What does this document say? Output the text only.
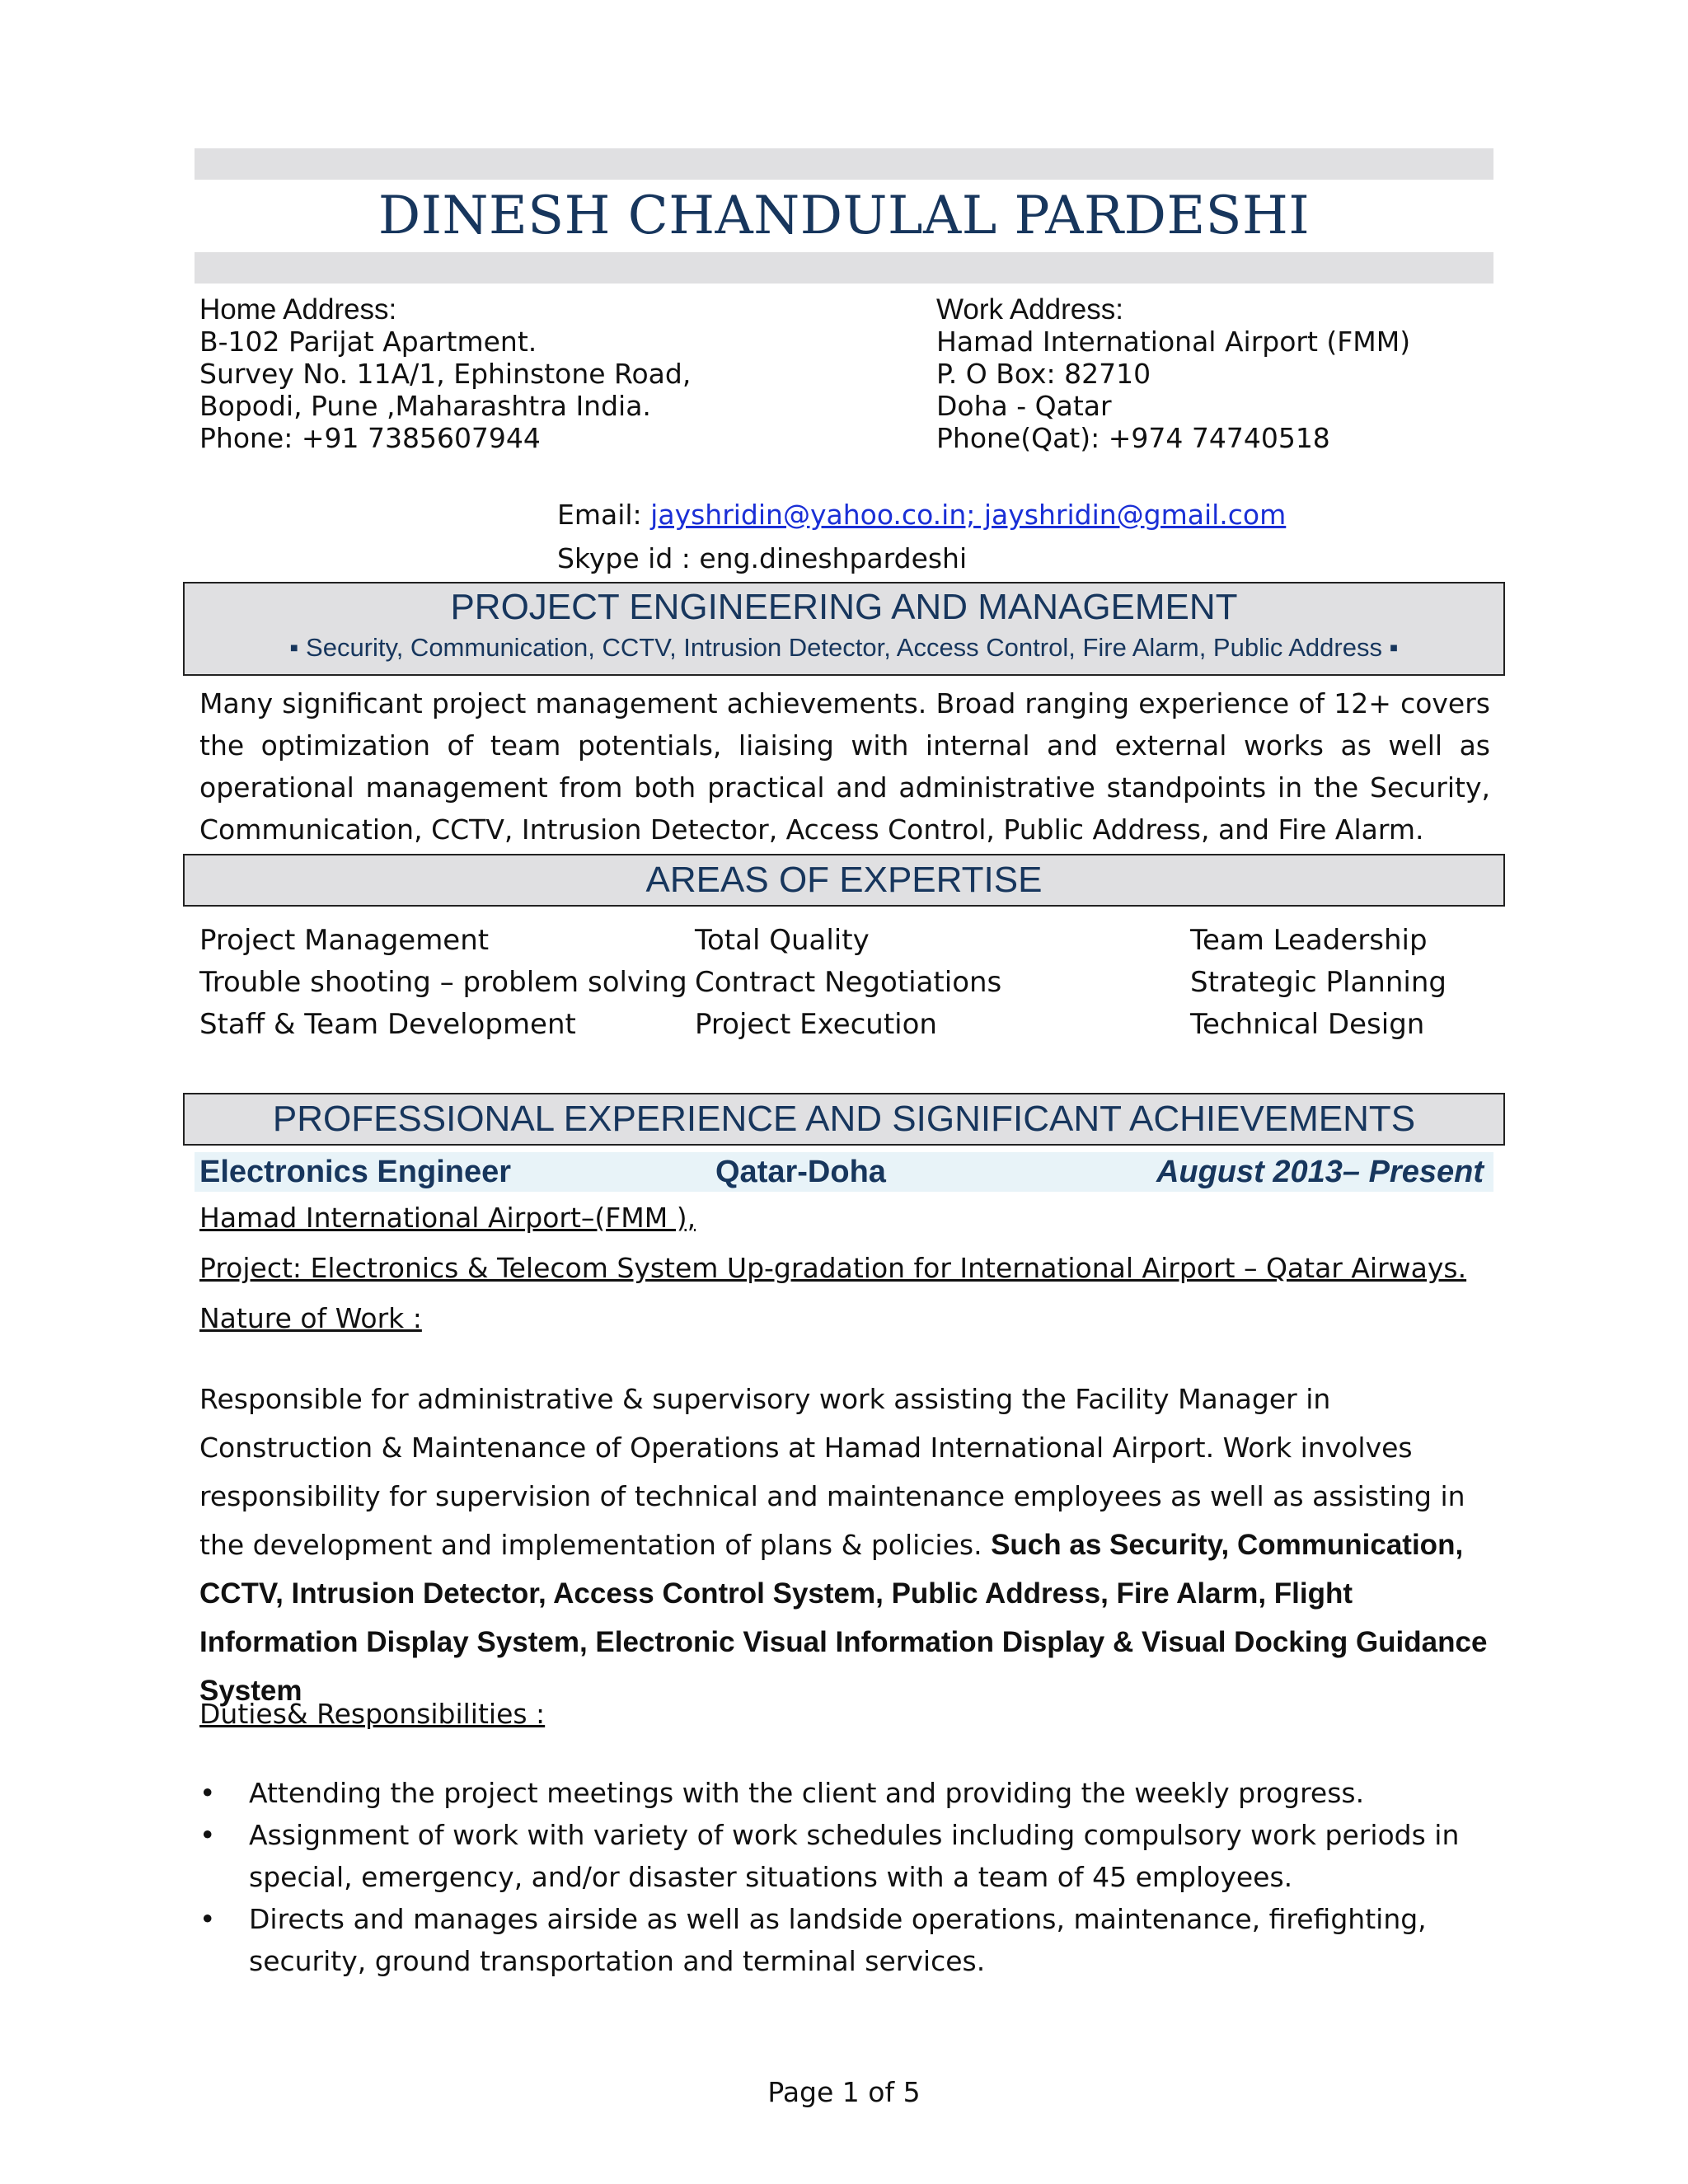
DINESH CHANDULAL PARDESHI
Home Address:
B-102 Parijat Apartment.
Survey No. 11A/1, Ephinstone Road,
Bopodi, Pune ,Maharashtra India.
Phone: +91 7385607944
Work Address:
Hamad International Airport (FMM)
P. O Box: 82710
Doha - Qatar
Phone(Qat): +974 74740518
Email: jayshridin@yahoo.co.in; jayshridin@gmail.com
Skype id : eng.dineshpardeshi
PROJECT ENGINEERING AND MANAGEMENT
▪ Security, Communication, CCTV, Intrusion Detector, Access Control, Fire Alarm, Public Address ▪
Many significant project management achievements. Broad ranging experience of 12+ covers the optimization of team potentials, liaising with internal and external works as well as operational management from both practical and administrative standpoints in the Security, Communication, CCTV, Intrusion Detector, Access Control, Public Address, and Fire Alarm.
AREAS OF EXPERTISE
Project Management
Trouble shooting – problem solving
Staff & Team Development
Total Quality
Contract Negotiations
Project Execution
Team Leadership
Strategic Planning
Technical Design
PROFESSIONAL EXPERIENCE AND SIGNIFICANT ACHIEVEMENTS
Electronics Engineer	Qatar-Doha	August 2013– Present
Hamad International Airport–(FMM ),
Project: Electronics & Telecom System Up-gradation for International Airport – Qatar Airways.
Nature of Work :
Responsible for administrative & supervisory work assisting the Facility Manager in Construction & Maintenance of Operations at Hamad International Airport. Work involves responsibility for supervision of technical and maintenance employees as well as assisting in the development and implementation of plans & policies. Such as Security, Communication, CCTV, Intrusion Detector, Access Control System, Public Address, Fire Alarm, Flight Information Display System, Electronic Visual Information Display & Visual Docking Guidance System
Duties& Responsibilities :
• Attending the project meetings with the client and providing the weekly progress.
• Assignment of work with variety of work schedules including compulsory work periods in special, emergency, and/or disaster situations with a team of 45 employees.
• Directs and manages airside as well as landside operations, maintenance, firefighting, security, ground transportation and terminal services.
Page 1 of 5
